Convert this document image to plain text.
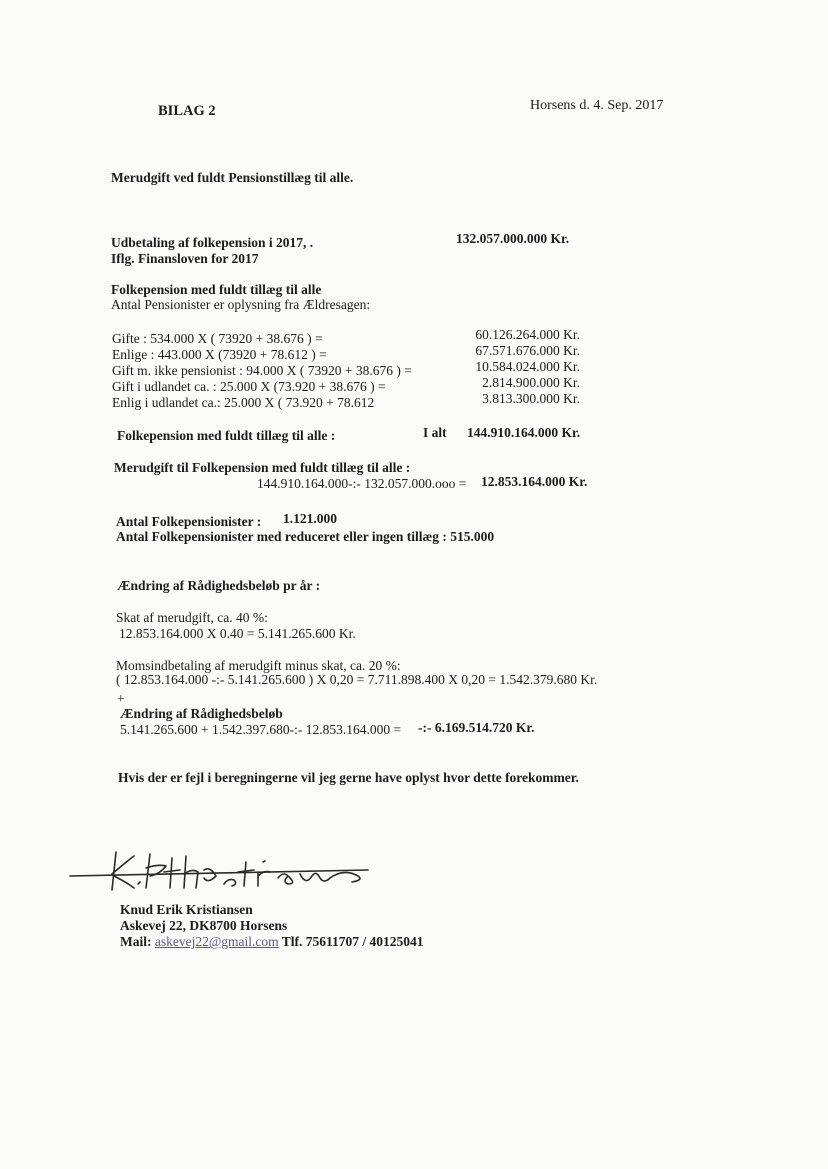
BILAG 2	Horsens d. 4. Sep. 2017
Merudgift ved fuldt Pensionstillæg til alle.
Udbetaling af folkepension i 2017, .	132.057.000.000 Kr.
Iflg. Finansloven for 2017
Folkepension med fuldt tillæg til alle
Antal Pensionister er oplysning fra Ældresagen:
Gifte : 534.000 X ( 73920 + 38.676 ) =	60.126.264.000 Kr.
Enlige : 443.000 X (73920 + 78.612 ) =	67.571.676.000 Kr.
Gift m. ikke pensionist : 94.000 X ( 73920 + 38.676 ) =	10.584.024.000 Kr.
Gift i udlandet ca. : 25.000 X (73.920 + 38.676 ) =	2.814.900.000 Kr.
Enlig i udlandet ca.: 25.000 X ( 73.920 + 78.612	3.813.300.000 Kr.
Folkepension med fuldt tillæg til alle :	I alt 144.910.164.000 Kr.
Merudgift til Folkepension med fuldt tillæg til alle :
144.910.164.000-:- 132.057.000.ooo = 12.853.164.000 Kr.
Antal Folkepensionister : 1.121.000
Antal Folkepensionister med reduceret eller ingen tillæg : 515.000
Ændring af Rådighedsbeløb pr år :
Skat af merudgift, ca. 40 %:
12.853.164.000 X 0.40 = 5.141.265.600 Kr.
Momsindbetaling af merudgift minus skat, ca. 20 %:
( 12.853.164.000 -:- 5.141.265.600 ) X 0,20 = 7.711.898.400 X 0,20 = 1.542.379.680 Kr.
+
Ændring af Rådighedsbeløb
5.141.265.600 + 1.542.397.680-:- 12.853.164.000 = -:- 6.169.514.720 Kr.
Hvis der er fejl i beregningerne vil jeg gerne have oplyst hvor dette forekommer.
Knud Erik Kristiansen
Askevej 22, DK8700 Horsens
Mail: askevej22@gmail.com Tlf. 75611707 / 40125041
